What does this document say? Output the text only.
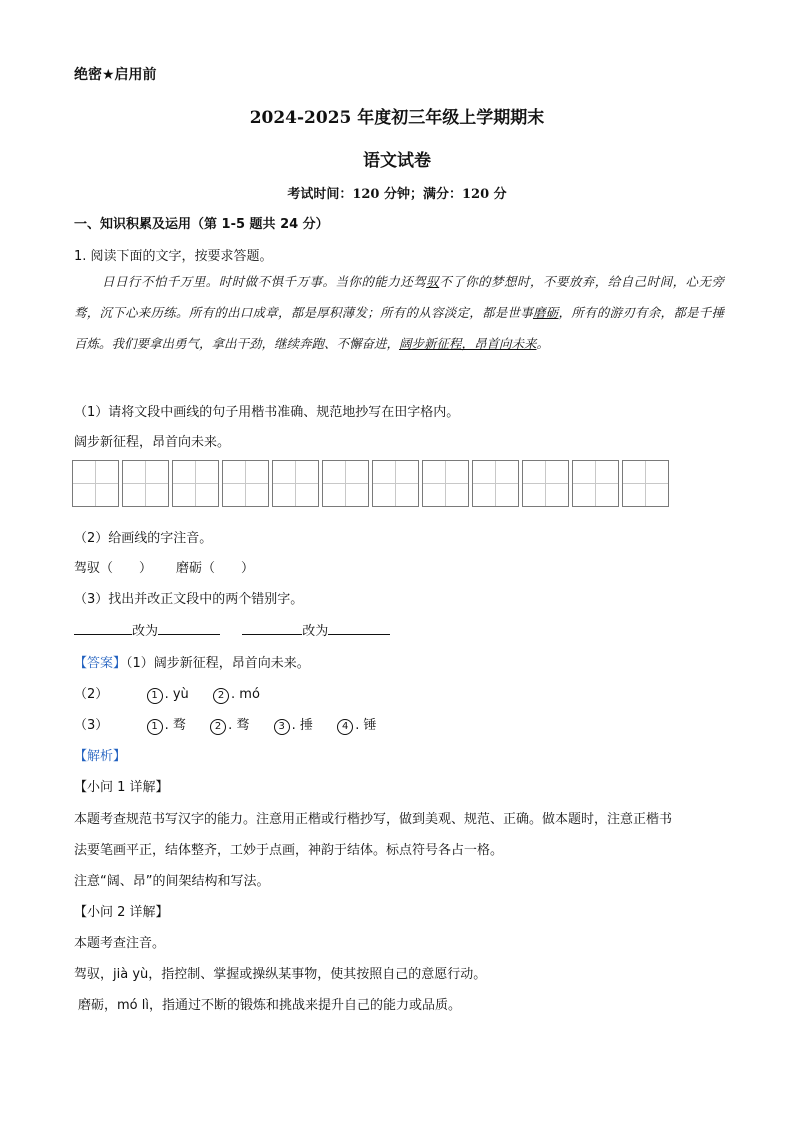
绝密★启用前
2024-2025 年度初三年级上学期期末
语文试卷
考试时间：120 分钟；满分：120 分
一、知识积累及运用（第 1-5 题共 24 分）
1. 阅读下面的文字，按要求答题。

日日行不怕千万里。时时做不惧千万事。当你的能力还驾驭不了你的梦想时，不要放弃，给自己时间，心无旁骛，沉下心来历练。所有的出口成章，都是厚积薄发；所有的从容淡定，都是世事磨砺，所有的游刃有余，都是千捶百炼。我们要拿出勇气，拿出干劲，继续奔跑、不懈奋进，阔步新征程，昂首向未来。

（1）请将文段中画线的句子用楷书准确、规范地抄写在田字格内。
阔步新征程，昂首向未来。
（2）给画线的字注音。
驾驭（　　） 磨砺（　　）
（3）找出并改正文段中的两个错别字。
改为	改为
【答案】（1）阔步新征程，昂首向未来。
（2）	1 . yù	2 . mó
（3）	1 . 骛	2 . 骛	3 . 捶	4 . 锤
【解析】
【小问 1 详解】
本题考查规范书写汉字的能力。注意用正楷或行楷抄写，做到美观、规范、正确。做本题时，注意正楷书
法要笔画平正，结体整齐，工妙于点画，神韵于结体。标点符号各占一格。
注意“阔、昂”的间架结构和写法。
【小问 2 详解】
本题考查注音。
驾驭，jià yù，指控制、掌握或操纵某事物，使其按照自己的意愿行动。
磨砺，mó lì，指通过不断的锻炼和挑战来提升自己的能力或品质。
